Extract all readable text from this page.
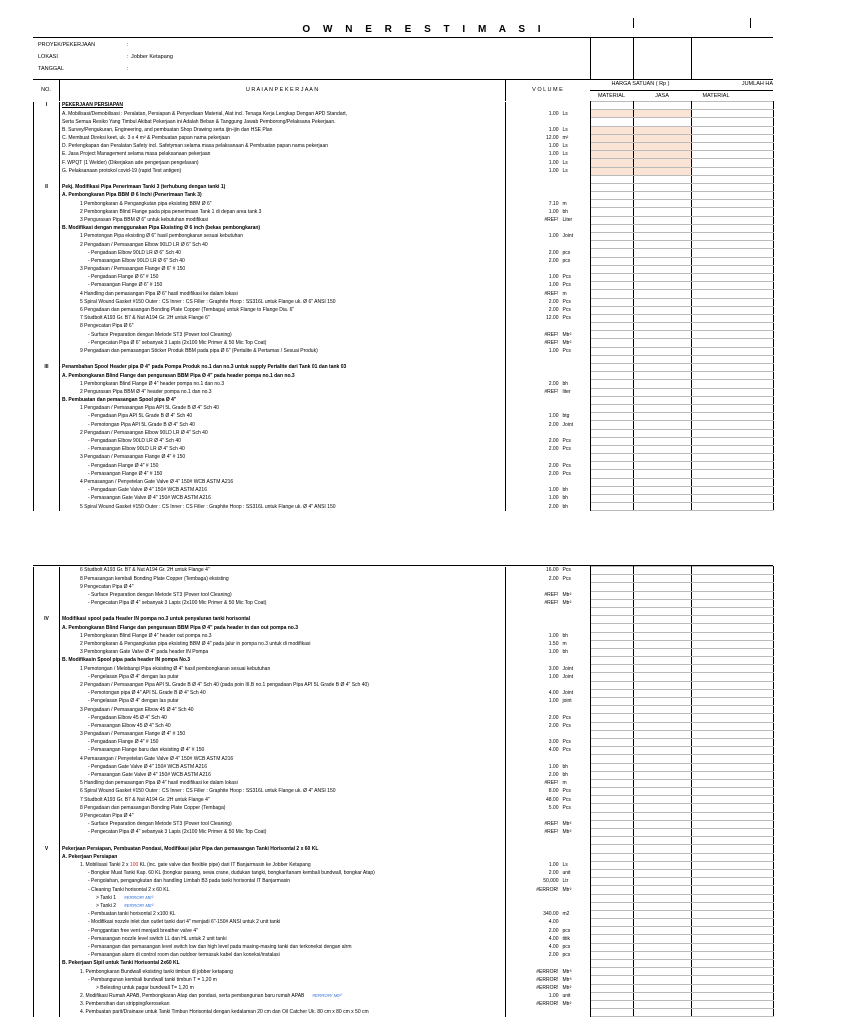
O W N E R E S T I M A S I
PROYEK/PEKERJAAN	:
LOKASI	: Jobber Ketapang
TANGGAL	:
NO.	U R A I A N P E K E R J A A N	V O L U M E
HARGA SATUAN ( Rp )
MATERIAL	JASA
JUMLAH HA
MATERIAL
I	PEKERJAAN PERSIAPAN					
	A. Mobilisasi/Demobilisasi : Peralatan, Persiapan & Penyediaan Material, Alat incl. Tenaga Kerja Lengkap Dengan APD Standart,	1.00	Ls			
	Serta Semua Resiko Yang Timbul Akibat Pekerjaan ini Adalah Beban & Tanggung Jawab Pemborong/Pelaksana Pekerjaan.					
	B. Survey/Pengukuran, Engineering, and pembuatan Shop Drawing serta ijin-ijin dan HSE Plan	1.00	Ls			
	C. Membuat Direksi keet, uk. 3 x 4 m² & Pembuatan papan nama pekerjaan	12.00	m²			
	D. Perlengkapan dan Peralatan Safety incl. Safetyman selama masa pelaksanaan & Pembuatan papan nama pekerjaan	1.00	Ls			
	E. Jasa Project Management selama masa pelaksanaan pekerjaan	1.00	Ls			
	F. WPQT (1 Welder) (Dikerjakan ade pengerjaan pengelasan)	1.00	Ls			
	G. Pelaksanaan protokol covid-19 (rapid Test antigen)	1.00	Ls			

II	Pekj. Modifikasi Pipa Penerimaan Tanki 3 (terhubung dengan tanki 1)					
	A. Pembongkaran Pipa BBM Ø 6 Inchi (Penerimaan Tank 3)					
	1 Pembongkaran & Pengangkutan pipa eksisting BBM Ø 6"	7.10	m			
	2 Pembongkaran Blind Flange pada pipa penerimaan Tank 1 di depan area tank 3	1.00	bh			
	3 Pengurasan Pipa BBM Ø 6" untuk kebutuhan modifikasi	#REF!	Liter			
	B. Modifikasi dengan menggunakan Pipa Eksisting Ø 6 inch (bekas pembongkaran)					
	1 Pemotongan Pipa eksisting Ø 6" hasil pembongkaran sesuai kebutuhan	1.00	Joint			
	2 Pengadaan / Pemasangan Elbow 90LD LR Ø 6" Sch 40					
	- Pengadaan Elbow 90LD LR Ø 6" Sch 40	2.00	pcs			
	- Pemasangan Elbow 90LD LR Ø 6" Sch 40	2.00	pcs			
	3 Pengadaan / Pemasangan Flange Ø 6" # 150					
	- Pengadaan Flange Ø 6" # 150	1.00	Pcs			
	- Pemasangan Flange Ø 6" # 150	1.00	Pcs			
	4 Handling dan pemasangan Pipa Ø 6" hasil modifikasi ke dalam lokasi	#REF!	m			
	5 Spiral Wound Gasket #150 Outer : CS Inner : CS Filler : Graphite Hoop : SS316L untuk Flange uk. Ø 6" ANSI 150	2.00	Pcs			
	6 Pengadaan dan pemasangan Bonding Plate Copper (Tembaga) untuk Flange to Flange Dia. 6"	2.00	Pcs			
	7 Studbolt A193 Gr. B7 & Nut A194 Gr. 2H untuk Flange 6"	12.00	Pcs			
	8 Pengecatan Pipa Ø 6"					
	- Surface Preparation dengan Metode ST3 (Power tool Cleaning)	#REF!	Mtr²			
	- Pengecatan Pipa Ø 6" sebanyak 3 Lapis (2x100 Mic Primer & 50 Mic Top Coat)	#REF!	Mtr²			
	9 Pengadaan dan pemasangan Sticker Produk BBM pada pipa Ø 6" (Pertalite & Pertamax / Sesuai Produk)	1.00	Pcs			

III	Penambahan Spool Header pipa Ø 4" pada Pompa Produk no.1 dan no.3 untuk supply Pertalite dari Tank 01 dan tank 03					
	A. Pembongkaran Blind Flange dan pengurasan BBM Pipa Ø 4" pada header pompa no.1 dan no.3					
	1 Pembongkaran Blind Flange Ø 4" header pompa no.1 dan no.3	2.00	bh			
	2 Pengurasan Pipa BBM Ø 4" header pompa no.1 dan no.3	#REF!	liter			
	B. Pembuatan dan pemasangan Spool pipa Ø 4"					
	1 Pengadaan / Pemasangan Pipa API 5L Grade B Ø 4" Sch 40					
	- Pengadaan Pipa API 5L Grade B Ø 4" Sch 40	1.00	btg			
	- Pemotongan Pipa API 5L Grade B Ø 4" Sch 40	2.00	Joint			
	2 Pengadaan / Pemasangan Elbow 90LD LR Ø 4" Sch 40					
	- Pengadaan Elbow 90LD LR Ø 4" Sch 40	2.00	Pcs			
	- Pemasangan Elbow 90LD LR Ø 4" Sch 40	2.00	Pcs			
	3 Pengadaan / Pemasangan Flange Ø 4" # 150					
	- Pengadaan Flange Ø 4" # 150	2.00	Pcs			
	- Pemasangan Flange Ø 4" # 150	2.00	Pcs			
	4 Pemasangan / Penyetelan Gate Valve Ø 4" 150# WCB ASTM A216					
	- Pengadaan Gate Valve Ø 4" 150# WCB ASTM A216	1.00	bh			
	- Pemasangan Gate Valve Ø 4" 150# WCB ASTM A216	1.00	bh			
	5 Spiral Wound Gasket #150 Outer : CS Inner : CS Filler : Graphite Hoop : SS316L untuk Flange uk. Ø 4" ANSI 150	2.00	bh			
	6 Studbolt A193 Gr. B7 & Nut A194 Gr. 2H untuk Flange 4"	16.00	Pcs			
	8 Pemasangan kembali Bonding Plate Copper (Tembaga) eksisting	2.00	Pcs			
	9 Pengecatan Pipa Ø 4"					
	- Surface Preparation dengan Metode ST3 (Power tool Cleaning)	#REF!	Mtr²			
	- Pengecatan Pipa Ø 4" sebanyak 3 Lapis (2x100 Mic Primer & 50 Mic Top Coat)	#REF!	Mtr²			

IV	Modifikasi spool pada Header IN pompa no.3 untuk penyaluran tanki horisontal					
	A. Pembongkaran Blind Flange dan pengurasan BBM Pipa Ø 4" pada header in dan out pompa no.3					
	1 Pembongkaran Blind Flange Ø 4" header out pompa no.3	1.00	bh			
	2 Pembongkaran & Pengangkutan pipa eksisting BBM Ø 4" pada jalur in pompa no.3 untuk di modifikasi	1.50	m			
	3 Pembongkaran Gate Valve Ø 4" pada header IN Pompa	1.00	bh			
	B. Modifikasin Spool pipa pada header IN pompa No.3					
	1 Pemotongan / Melobangi Pipa eksisting Ø 4" hasil pembongkaran sesuai kebutuhan	3.00	Joint			
	- Pengelasan Pipa Ø 4" dengan las putar	1.00	Joint			
	2 Pengadaan / Pemasangan Pipa API 5L Grade B Ø 4" Sch 40 (pada poin III.B no.1 pengadaan Pipa API 5L Grade B Ø 4" Sch 40)					
	- Pemotongan pipa Ø 4" API 5L Grade B Ø 4" Sch 40	4.00	Joint			
	- Pengelasan Pipa Ø 4" dengan las putar	1.00	joint			
	3 Pengadaan / Pemasangan Elbow 45 Ø 4" Sch 40					
	- Pengadaan Elbow 45 Ø 4" Sch 40	2.00	Pcs			
	- Pemasangan Elbow 45 Ø 4" Sch 40	2.00	Pcs			
	3 Pengadaan / Pemasangan Flange Ø 4" # 150					
	- Pengadaan Flange Ø 4" # 150	3.00	Pcs			
	- Pemasangan Flange baru dan eksisting Ø 4" # 150	4.00	Pcs			
	4 Pemasangan / Penyetelan Gate Valve Ø 4" 150# WCB ASTM A216					
	- Pengadaan Gate Valve Ø 4" 150# WCB ASTM A216	1.00	bh			
	- Pemasangan Gate Valve Ø 4" 150# WCB ASTM A216	2.00	bh			
	5 Handling dan pemasangan Pipa Ø 4" hasil modifikasi ke dalam lokasi	#REF!	m			
	6 Spiral Wound Gasket #150 Outer : CS Inner : CS Filler : Graphite Hoop : SS316L untuk Flange uk. Ø 4" ANSI 150	8.00	Pcs			
	7 Studbolt A193 Gr. B7 & Nut A194 Gr. 2H untuk Flange 4"	48.00	Pcs			
	8 Pengadaan dan pemasangan Bonding Plate Copper (Tembaga)	5.00	Pcs			
	9 Pengecatan Pipa Ø 4"					
	- Surface Preparation dengan Metode ST3 (Power tool Cleaning)	#REF!	Mtr²			
	- Pengecatan Pipa Ø 4" sebanyak 3 Lapis (2x100 Mic Primer & 50 Mic Top Coat)	#REF!	Mtr²			

V	Pekerjaan Persiapan, Pembuatan Pondasi, Modifikasi jalur Pipa dan pemasangan Tanki Horisontal 2 x 60 KL					
	A. Pekerjaan Persiapan					
	1. Mobilisasi Tanki 2 x 100 KL (inc. gate valve dan flexible pipe) dari IT Banjarmasin ke Jobber Ketapang	1.00	Ls			
	- Bongkar Muat Tanki Kap. 60 KL (bongkar pasang, sewa crane, dudukan tangki, bongkar/tanam kembali bundwall, bongkar Atap)	2.00	unit			
	- Pengolahan, pengangkutan dan handling Limbah B3 pada tanki horisontal IT Banjarmasin	50,000	Ltr			
	- Cleaning Tanki horisontal 2 x 60 KL	#ERROR!	Mtr²			
	> Tanki 1 #ERROR! Mtr²					

	> Tanki 2 #ERROR! Mtr²					

	- Pembuatan tanki horisontal 2 x100 KL	340.00	m2			
	- Modifikasi nozzle inlet dan outlet tanki dari 4" menjadi 6"-150# ANSI untuk 2 unit tanki	4.00				
	- Penggantian free vent menjadi breather valve 4"	2.00	pcs			
	- Pemasangan nozzle level switch LL dan HL untuk 2 unit tanki	4.00	titik			
	- Pemasangan dan pemasangan level switch low dan high level pada masing-masing tanki dan terkoneksi dengan alrm	4.00	pcs			
	- Pemasangan alarm di control room dan outdoor termasuk kabel dan koneksi/instalasi	2.00	pcs			
	B. Pekerjaan Sipil untuk Tanki Horisontal 2x60 KL					
	1. Pembongkaran Bundwall eksisting tanki timbun di jobber ketapang	#ERROR!	Mtr³			
	- Pembangunan kembali bundwall tanki timbun T = 1,20 m	#ERROR!	Mtr³			
	> Belesting untuk pagar bundwall T= 1,20 m	#ERROR!	Mtr²			
	2. Modifikasi Rumah APAB, Pembongkaran Atap dan pondasi, serta pembangunan baru rumah APAB #ERROR! Mtr²	1.00	unit			
	3. Pembersihan dan stripping/kerosekan	#ERROR!	Mtr²			
	4. Pembuatan parit/Drainase untuk Tanki Timbun Horisontal dengan kedalaman 20 cm dan Oil Catcher Uk. 80 cm x 80 cm x 50 cm					
